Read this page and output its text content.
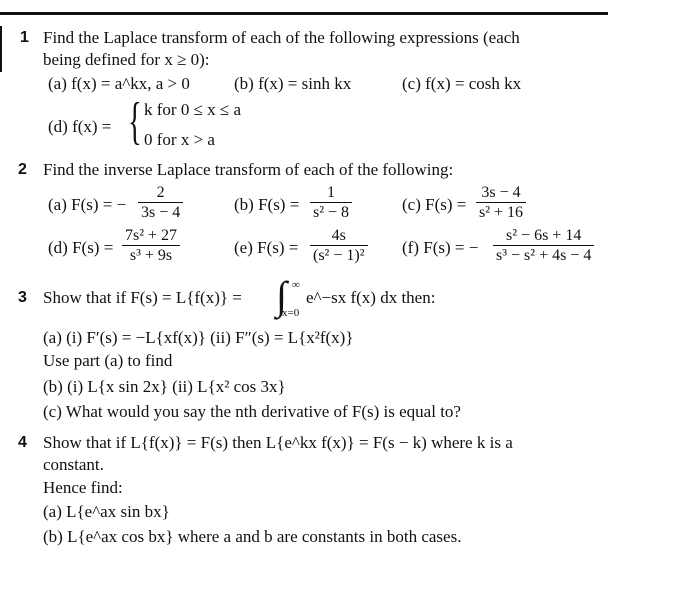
1 Find the Laplace transform of each of the following expressions (each
being defined for x ≥ 0):
(a) f(x) = a^kx, a > 0	(b) f(x) = sinh kx	(c) f(x) = cosh kx
(d) f(x) = { k for 0 ≤ x ≤ a
0 for x > a
2 Find the inverse Laplace transform of each of the following:
(a) F(s) = −
2
3s − 4	(b) F(s) =
1
s² − 8	(c) F(s) =
3s − 4
s² + 16
(d) F(s) =
7s² + 27
s³ + 9s	(e) F(s) =
4s
(s² − 1)² (f) F(s) = −
s² − 6s + 14
s³ − s² + 4s − 4
3 Show that if F(s) = L{f(x)} = ∫ ∞
x=0
e^−sx f(x) dx then:
(a) (i) F′(s) = −L{xf(x)} (ii) F″(s) = L{x²f(x)}
Use part (a) to find
(b) (i) L{x sin 2x} (ii) L{x² cos 3x}
(c) What would you say the nth derivative of F(s) is equal to?
4 Show that if L{f(x)} = F(s) then L{e^kx f(x)} = F(s − k) where k is a
constant.
Hence find:
(a) L{e^ax sin bx}
(b) L{e^ax cos bx} where a and b are constants in both cases.
